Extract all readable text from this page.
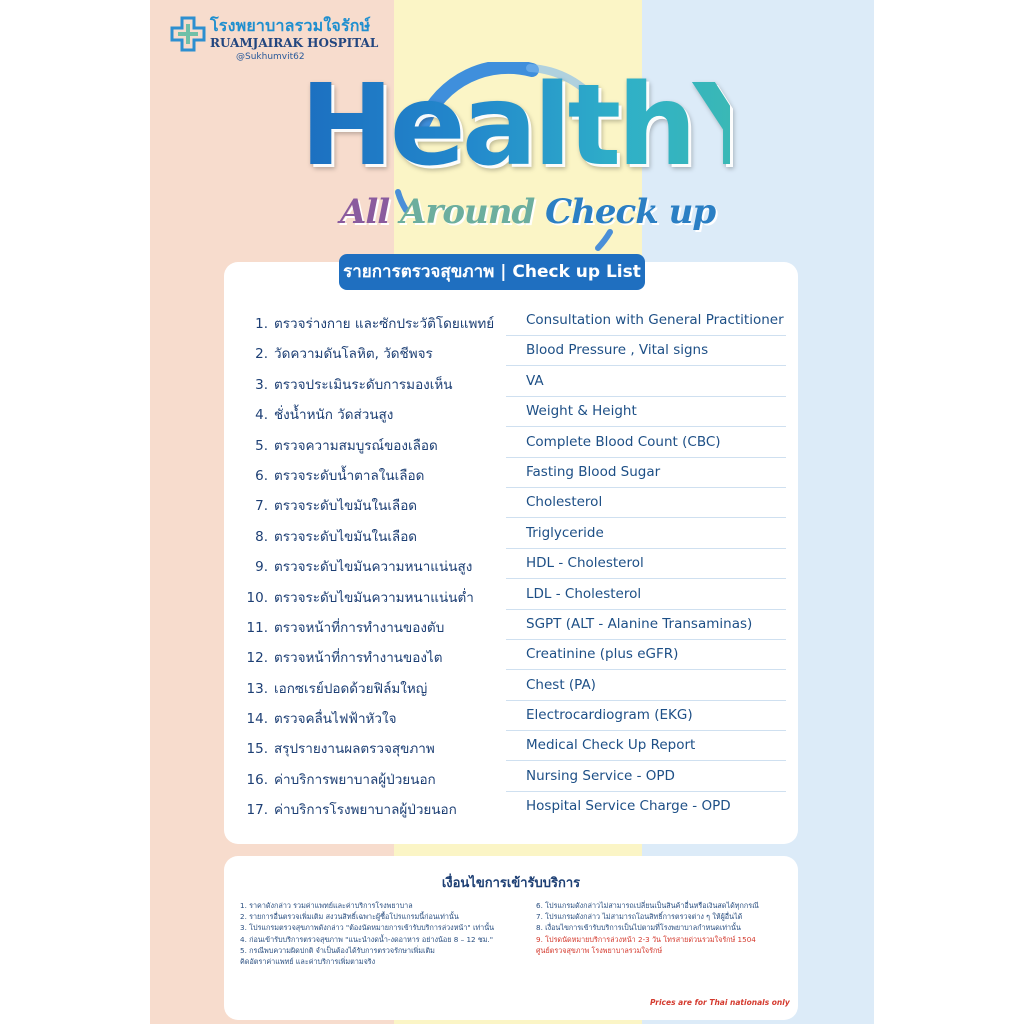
โรงพยาบาลรวมใจรักษ์
RUAMJAIRAK HOSPITAL
@Sukhumvit62
HealthY
All Around Check up
รายการตรวจสุขภาพ | Check up List
1. ตรวจร่างกาย และซักประวัติโดยแพทย์ Consultation with General Practitioner
2. วัดความดันโลหิต, วัดชีพจร	Blood Pressure , Vital signs
3. ตรวจประเมินระดับการมองเห็น	VA
4. ชั่งน้ำหนัก วัดส่วนสูง	Weight & Height
5. ตรวจความสมบูรณ์ของเลือด	Complete Blood Count (CBC)
6. ตรวจระดับน้ำตาลในเลือด	Fasting Blood Sugar
7. ตรวจระดับไขมันในเลือด	Cholesterol
8. ตรวจระดับไขมันในเลือด	Triglyceride
9. ตรวจระดับไขมันความหนาแน่นสูง	HDL - Cholesterol
10. ตรวจระดับไขมันความหนาแน่นต่ำ	LDL - Cholesterol
11. ตรวจหน้าที่การทำงานของตับ	SGPT (ALT - Alanine Transaminas)
12. ตรวจหน้าที่การทำงานของไต	Creatinine (plus eGFR)
13. เอกซเรย์ปอดด้วยฟิล์มใหญ่	Chest (PA)
14. ตรวจคลื่นไฟฟ้าหัวใจ	Electrocardiogram (EKG)
15. สรุปรายงานผลตรวจสุขภาพ	Medical Check Up Report
16. ค่าบริการพยาบาลผู้ป่วยนอก	Nursing Service - OPD
17. ค่าบริการโรงพยาบาลผู้ป่วยนอก	Hospital Service Charge - OPD
เงื่อนไขการเข้ารับบริการ
1. ราคาดังกล่าว รวมค่าแพทย์และค่าบริการโรงพยาบาล
2. รายการอื่นตรวจเพิ่มเติม สงวนสิทธิ์เฉพาะผู้ซื้อโปรแกรมนี้ก่อนเท่านั้น
3. โปรแกรมตรวจสุขภาพดังกล่าว "ต้องนัดหมายการเข้ารับบริการล่วงหน้า" เท่านั้น
4. ก่อนเข้ารับบริการตรวจสุขภาพ "แนะนำงดน้ำ-งดอาหาร อย่างน้อย 8 – 12 ชม."
5. กรณีพบความผิดปกติ จำเป็นต้องได้รับการตรวจรักษาเพิ่มเติม
คิดอัตราค่าแพทย์ และค่าบริการเพิ่มตามจริง
6. โปรแกรมดังกล่าวไม่สามารถเปลี่ยนเป็นสินค้าอื่นหรือเงินสดได้ทุกกรณี
7. โปรแกรมดังกล่าว ไม่สามารถโอนสิทธิ์การตรวจต่าง ๆ ให้ผู้อื่นได้
8. เงื่อนไขการเข้ารับบริการเป็นไปตามที่โรงพยาบาลกำหนดเท่านั้น
9. โปรดนัดหมายบริการล่วงหน้า 2-3 วัน โทรสายด่วนรวมใจรักษ์ 1504
ศูนย์ตรวจสุขภาพ โรงพยาบาลรวมใจรักษ์
Prices are for Thai nationals only
